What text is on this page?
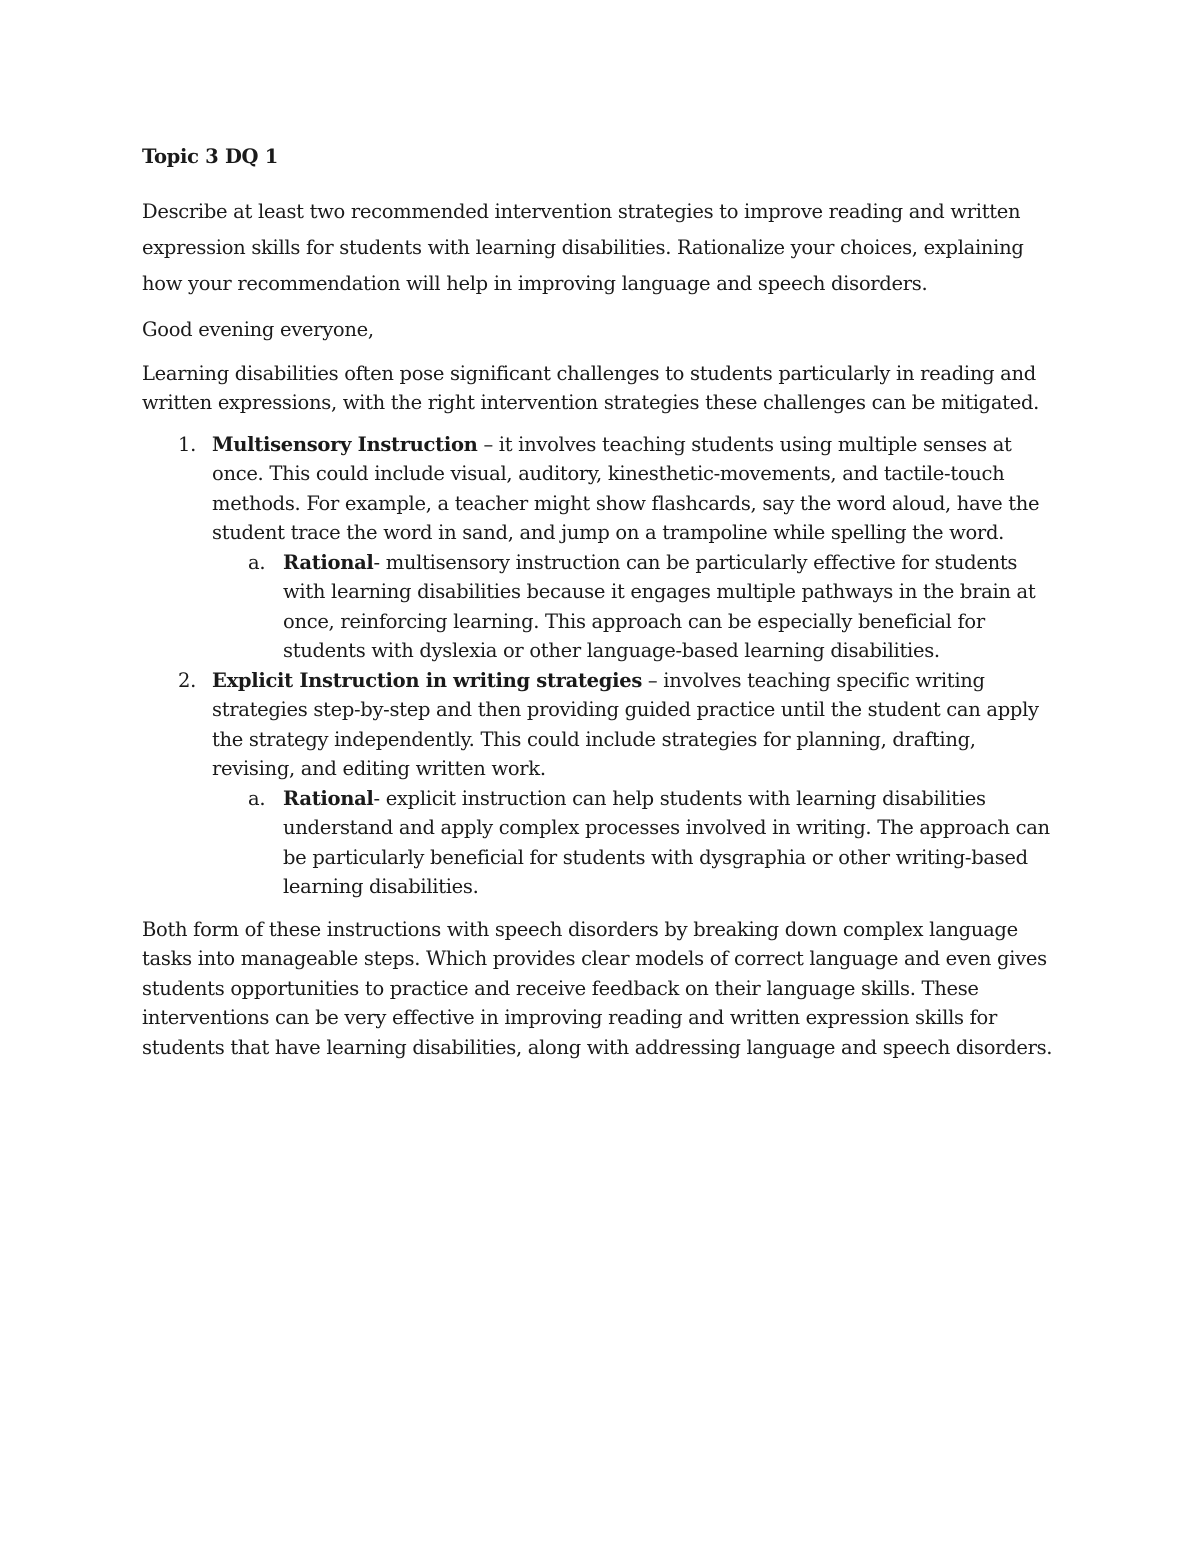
Topic 3 DQ 1

Describe at least two recommended intervention strategies to improve reading and written expression skills for students with learning disabilities. Rationalize your choices, explaining how your recommendation will help in improving language and speech disorders.

Good evening everyone,

Learning disabilities often pose significant challenges to students particularly in reading and written expressions, with the right intervention strategies these challenges can be mitigated.

1. Multisensory Instruction – it involves teaching students using multiple senses at once. This could include visual, auditory, kinesthetic-movements, and tactile-touch methods. For example, a teacher might show flashcards, say the word aloud, have the student trace the word in sand, and jump on a trampoline while spelling the word.
a. Rational- multisensory instruction can be particularly effective for students with learning disabilities because it engages multiple pathways in the brain at once, reinforcing learning. This approach can be especially beneficial for students with dyslexia or other language-based learning disabilities.
2. Explicit Instruction in writing strategies – involves teaching specific writing strategies step-by-step and then providing guided practice until the student can apply the strategy independently. This could include strategies for planning, drafting, revising, and editing written work.
a. Rational- explicit instruction can help students with learning disabilities understand and apply complex processes involved in writing. The approach can be particularly beneficial for students with dysgraphia or other writing-based learning disabilities.

Both form of these instructions with speech disorders by breaking down complex language tasks into manageable steps. Which provides clear models of correct language and even gives students opportunities to practice and receive feedback on their language skills. These interventions can be very effective in improving reading and written expression skills for students that have learning disabilities, along with addressing language and speech disorders.
